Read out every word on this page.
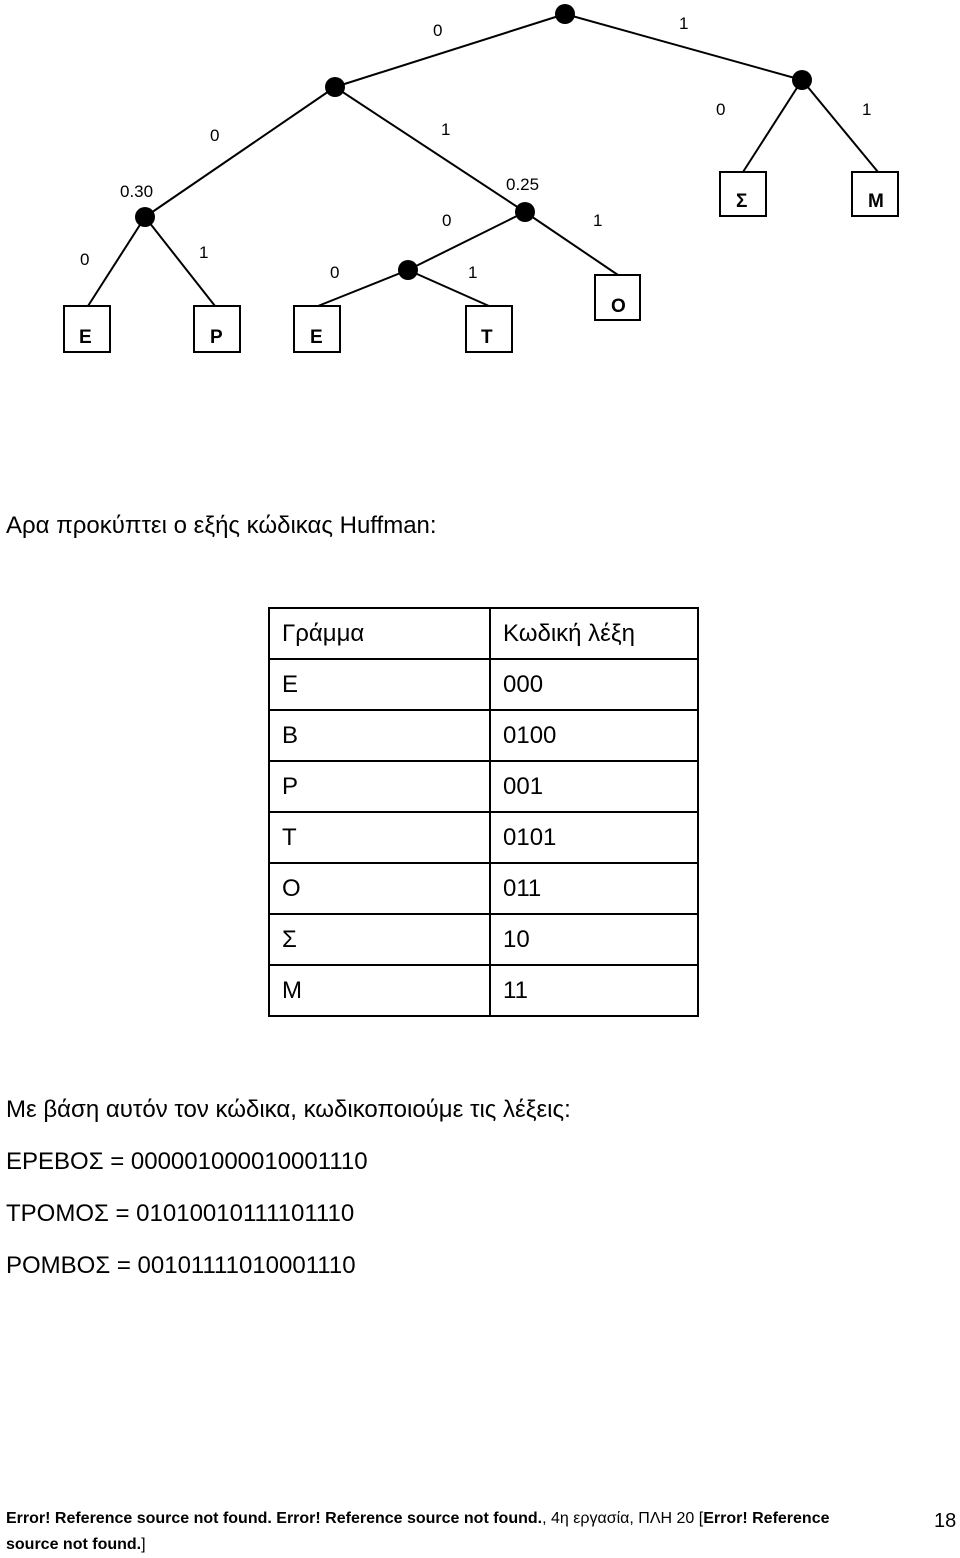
Ε	Ρ	Ε	Τ
Ο
Σ	Μ
0.30	0.25
0	1
0	1
0	1
0	1
0	1
0	1

Αρα προκύπτει ο εξής κώδικας Huffman:

Γράμμα	Κωδική λέξη
Ε	000
Β	0100
Ρ	001
Τ	0101
Ο	011
Σ	10
Μ	11

Με βάση αυτόν τον κώδικα, κωδικοποιούμε τις λέξεις:

ΕΡΕΒΟΣ = 000001000010001110

ΤΡΟΜΟΣ = 01010010111101110

ΡΟΜΒΟΣ = 00101111010001110

Error! Reference source not found. Error! Reference source not found., 4η εργασία, ΠΛΗ 20 [Error! Reference source not found.]
18
